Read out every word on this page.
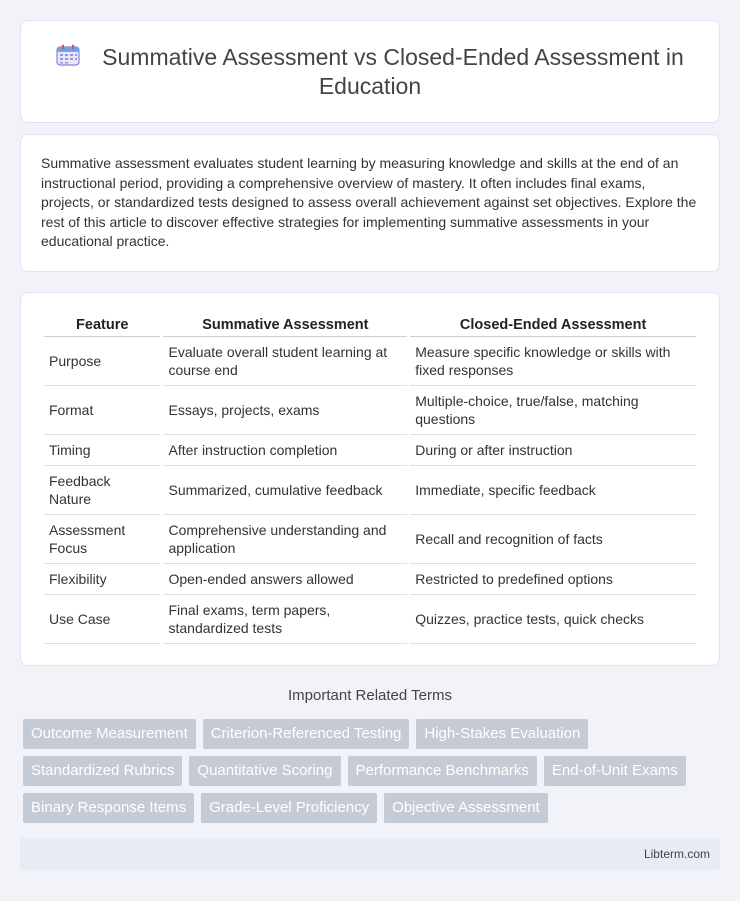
Summative Assessment vs Closed-Ended Assessment in Education

Summative assessment evaluates student learning by measuring knowledge and skills at the end of an instructional period, providing a comprehensive overview of mastery. It often includes final exams, projects, or standardized tests designed to assess overall achievement against set objectives. Explore the rest of this article to discover effective strategies for implementing summative assessments in your educational practice.

Feature	Summative Assessment	Closed-Ended Assessment
Purpose	Evaluate overall student learning at course end	Measure specific knowledge or skills with fixed responses
Format	Essays, projects, exams	Multiple-choice, true/false, matching questions
Timing	After instruction completion	During or after instruction
Feedback Nature	Summarized, cumulative feedback	Immediate, specific feedback
Assessment Focus	Comprehensive understanding and application	Recall and recognition of facts
Flexibility	Open-ended answers allowed	Restricted to predefined options
Use Case	Final exams, term papers, standardized tests	Quizzes, practice tests, quick checks
Important Related Terms
Outcome Measurement	Criterion-Referenced Testing	High-Stakes Evaluation
Standardized Rubrics	Quantitative Scoring	Performance Benchmarks	End-of-Unit Exams
Binary Response Items	Grade-Level Proficiency	Objective Assessment
Libterm.com
